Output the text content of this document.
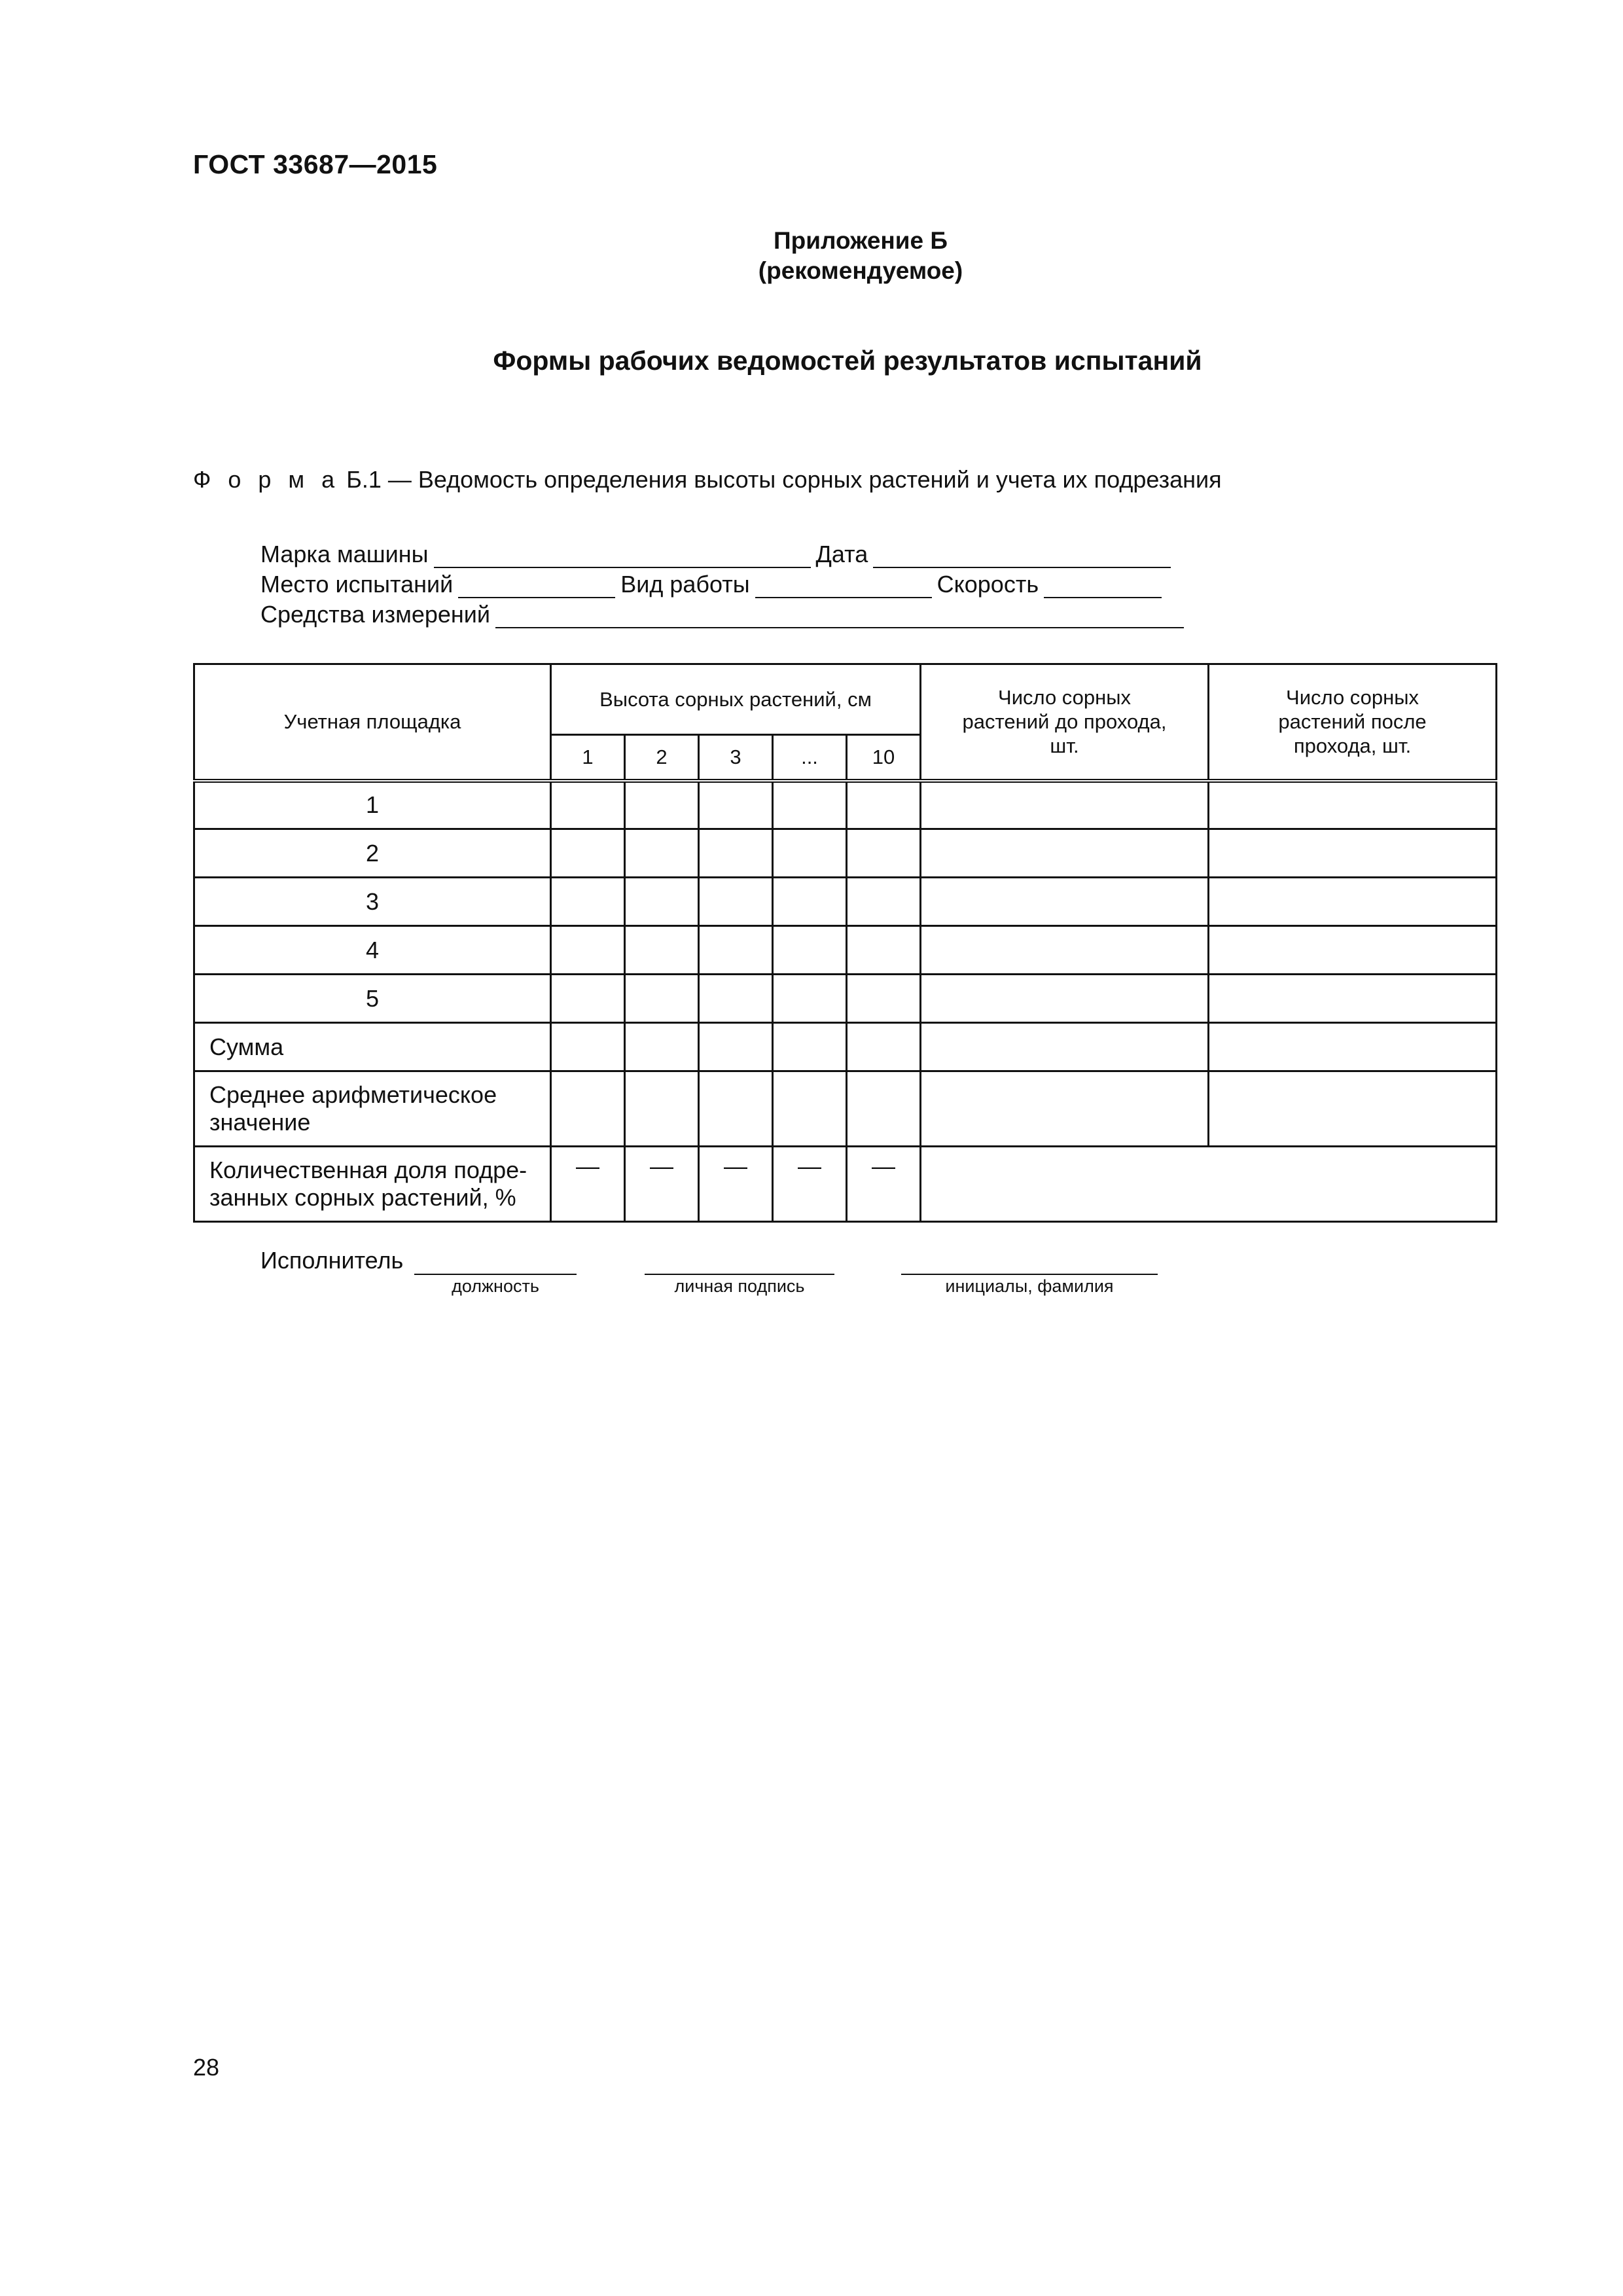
ГОСТ 33687—2015
Приложение Б
(рекомендуемое)
Формы рабочих ведомостей результатов испытаний
Ф о р м а Б.1 — Ведомость определения высоты сорных растений и учета их подрезания
Марка машины	Дата
Место испытаний	Вид работы	Скорость
Средства измерений
Учетная площадка	Высота сорных растений, см					Число сорных растений до прохода, шт.	Число сорных растений после прохода, шт.
	1	2	3	...	10		
1							
2							
3							
4							
5							
Сумма							
Среднее арифметическое значение							
Количественная доля подре-занных сорных растений, %	—	—	—	—	—		
Исполнитель
должность	личная подпись	инициалы, фамилия
28
